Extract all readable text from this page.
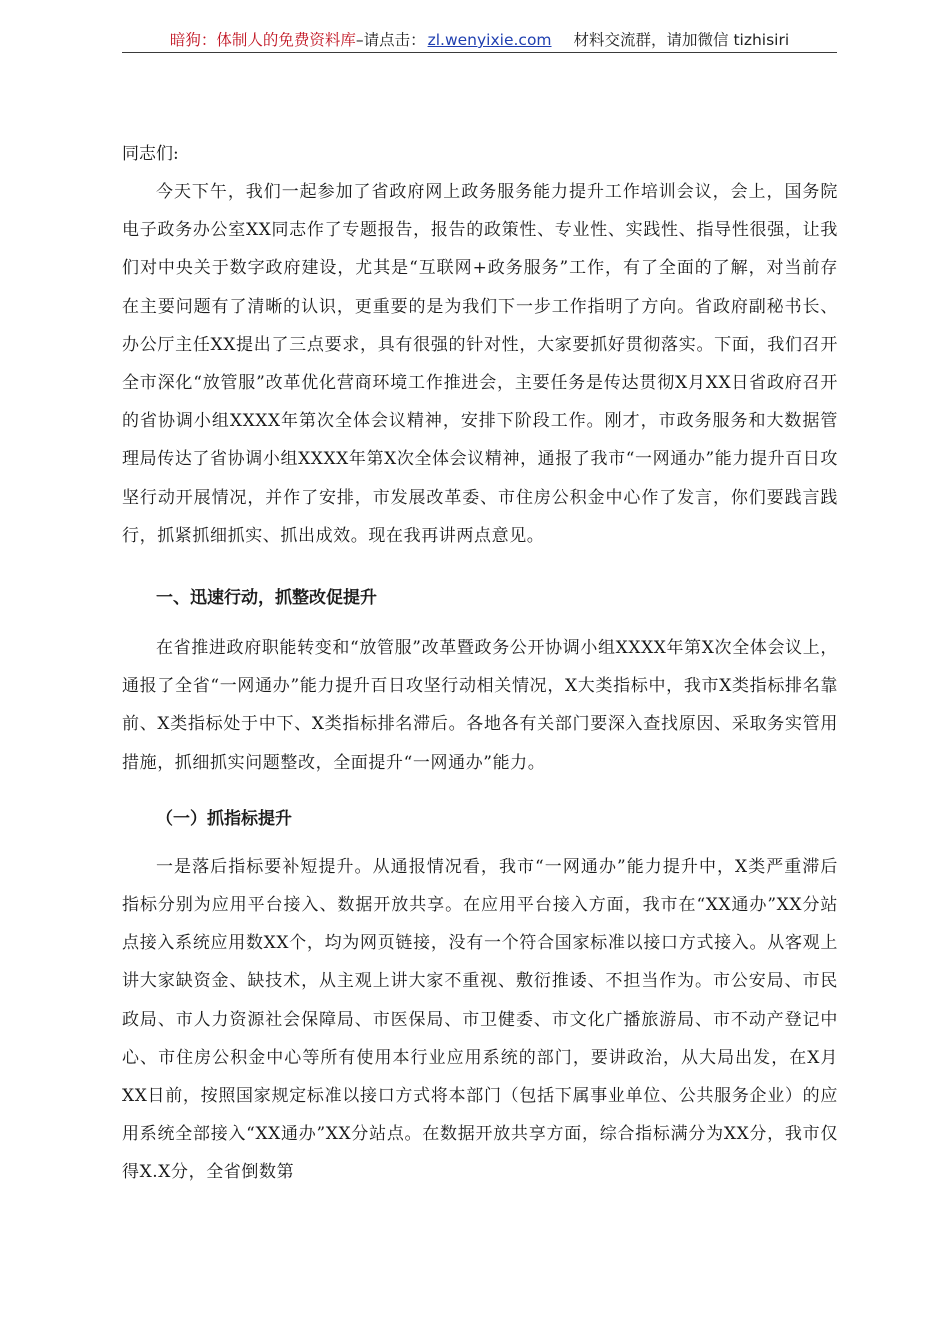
暗狗：体制人的免费资料库–请点击： zl.wenyixie.com 材料交流群，请加微信 tizhisiri
同志们:

今天下午，我们一起参加了省政府网上政务服务能力提升工作培训会议，会上，国务院电子政务办公室XX同志作了专题报告，报告的政策性、专业性、实践性、指导性很强，让我们对中央关于数字政府建设，尤其是“互联网+政务服务”工作，有了全面的了解，对当前存在主要问题有了清晰的认识，更重要的是为我们下一步工作指明了方向。省政府副秘书长、办公厅主任XX提出了三点要求，具有很强的针对性，大家要抓好贯彻落实。下面，我们召开全市深化“放管服”改革优化营商环境工作推进会，主要任务是传达贯彻X月XX日省政府召开的省协调小组XXXX年第次全体会议精神，安排下阶段工作。刚才，市政务服务和大数据管理局传达了省协调小组XXXX年第X次全体会议精神，通报了我市“一网通办”能力提升百日攻坚行动开展情况，并作了安排，市发展改革委、市住房公积金中心作了发言，你们要践言践行，抓紧抓细抓实、抓出成效。现在我再讲两点意见。

一、迅速行动，抓整改促提升

在省推进政府职能转变和“放管服”改革暨政务公开协调小组XXXX年第X次全体会议上，通报了全省“一网通办”能力提升百日攻坚行动相关情况，X大类指标中，我市X类指标排名靠前、X类指标处于中下、X类指标排名滞后。各地各有关部门要深入查找原因、采取务实管用措施，抓细抓实问题整改，全面提升“一网通办”能力。

（一）抓指标提升

一是落后指标要补短提升。从通报情况看，我市“一网通办”能力提升中，X类严重滞后指标分别为应用平台接入、数据开放共享。在应用平台接入方面，我市在“XX通办”XX分站点接入系统应用数XX个，均为网页链接，没有一个符合国家标准以接口方式接入。从客观上讲大家缺资金、缺技术，从主观上讲大家不重视、敷衍推诿、不担当作为。市公安局、市民政局、市人力资源社会保障局、市医保局、市卫健委、市文化广播旅游局、市不动产登记中心、市住房公积金中心等所有使用本行业应用系统的部门，要讲政治，从大局出发，在X月XX日前，按照国家规定标准以接口方式将本部门（包括下属事业单位、公共服务企业）的应用系统全部接入“XX通办”XX分站点。在数据开放共享方面，综合指标满分为XX分，我市仅得X.X分，全省倒数第
